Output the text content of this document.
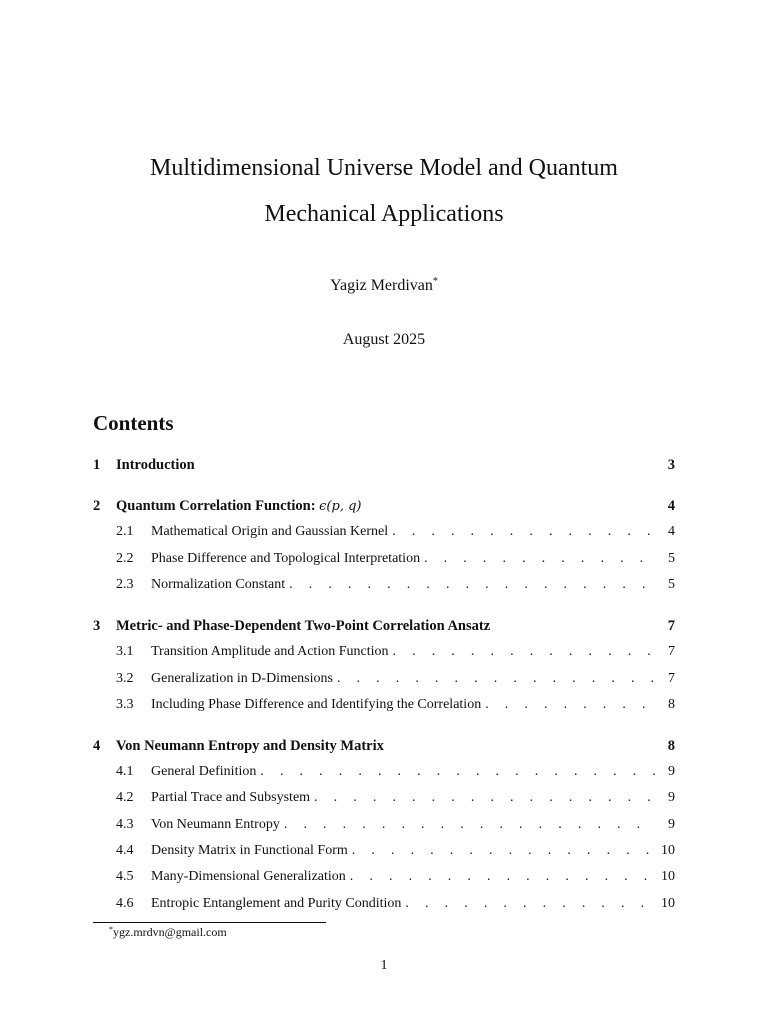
Multidimensional Universe Model and Quantum
Mechanical Applications
Yagiz Merdivan*
August 2025
Contents
1	Introduction	3
2	Quantum Correlation Function: ϵ(p, q)	4
2.1	Mathematical Origin and Gaussian Kernel . . .	4
2.2	Phase Difference and Topological Interpretation . . .	5
2.3	Normalization Constant . . .	5
3	Metric- and Phase-Dependent Two-Point Correlation Ansatz	7
3.1	Transition Amplitude and Action Function . . .	7
3.2	Generalization in D-Dimensions . . .	7
3.3	Including Phase Difference and Identifying the Correlation . . .	8
4	Von Neumann Entropy and Density Matrix	8
4.1	General Definition . . .	9
4.2	Partial Trace and Subsystem . . .	9
4.3	Von Neumann Entropy . . .	9
4.4	Density Matrix in Functional Form . . .	10
4.5	Many-Dimensional Generalization . . .	10
4.6	Entropic Entanglement and Purity Condition . . .	10
*ygz.mrdvn@gmail.com
1
